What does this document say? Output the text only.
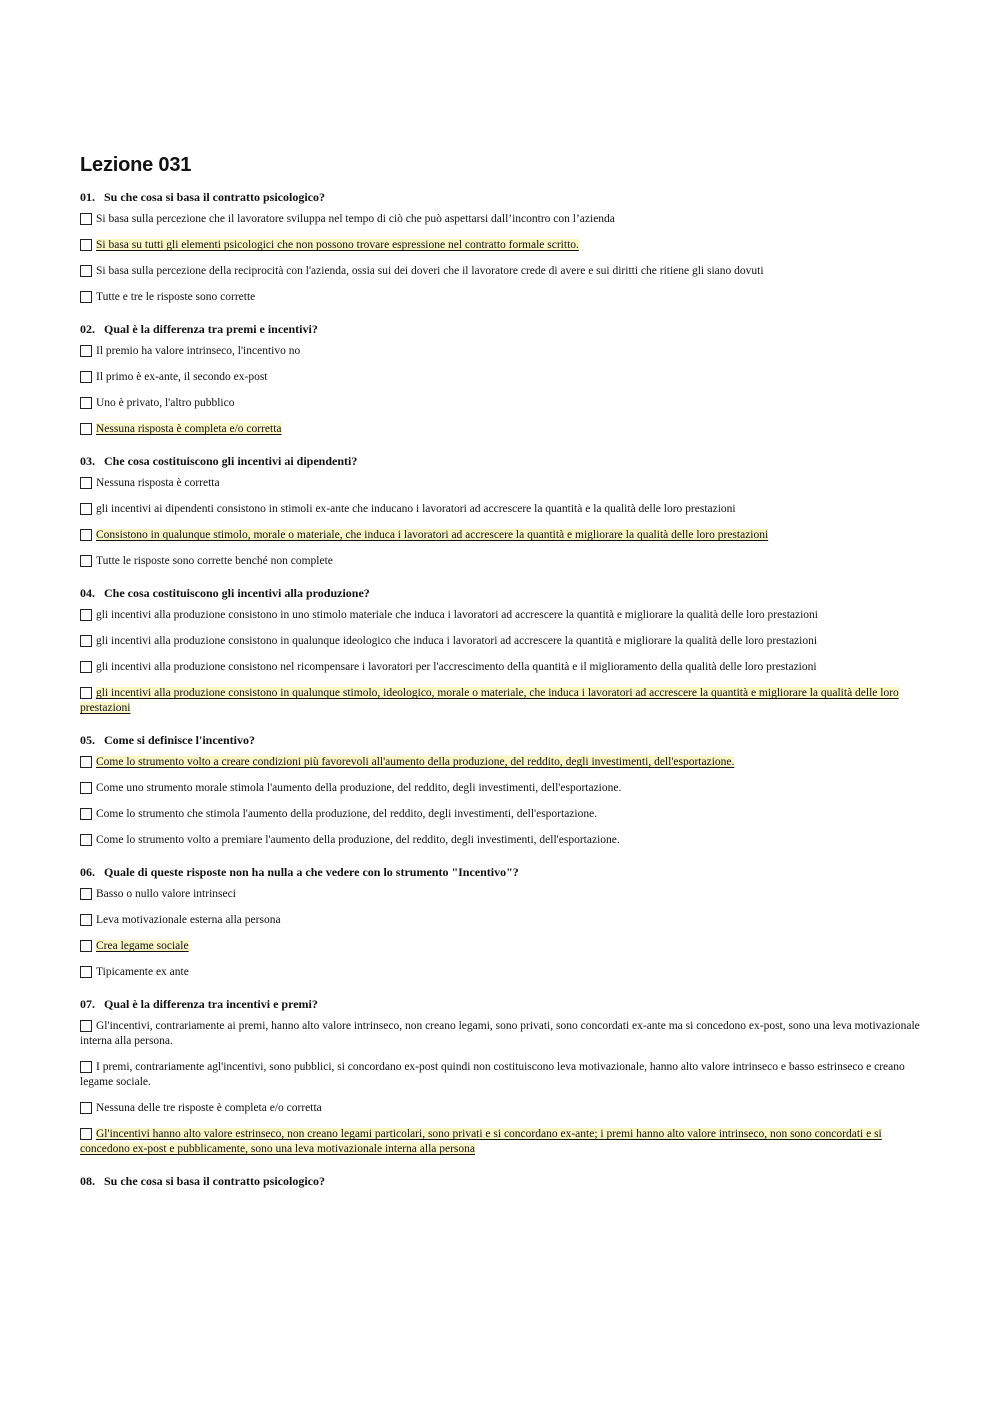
Lezione 031
01. Su che cosa si basa il contratto psicologico?
Si basa sulla percezione che il lavoratore sviluppa nel tempo di ciò che può aspettarsi dall’incontro con l’azienda
Si basa su tutti gli elementi psicologici che non possono trovare espressione nel contratto formale scritto.
Si basa sulla percezione della reciprocità con l'azienda, ossia sui dei doveri che il lavoratore crede di avere e sui diritti che ritiene gli siano dovuti
Tutte e tre le risposte sono corrette
02. Qual è la differenza tra premi e incentivi?
Il premio ha valore intrinseco, l'incentivo no
Il primo è ex-ante, il secondo ex-post
Uno è privato, l'altro pubblico
Nessuna risposta è completa e/o corretta
03. Che cosa costituiscono gli incentivi ai dipendenti?
Nessuna risposta è corretta
gli incentivi ai dipendenti consistono in stimoli ex-ante che inducano i lavoratori ad accrescere la quantità e la qualità delle loro prestazioni
Consistono in qualunque stimolo, morale o materiale, che induca i lavoratori ad accrescere la quantità e migliorare la qualità delle loro prestazioni
Tutte le risposte sono corrette benché non complete
04. Che cosa costituiscono gli incentivi alla produzione?
gli incentivi alla produzione consistono in uno stimolo materiale che induca i lavoratori ad accrescere la quantità e migliorare la qualità delle loro prestazioni
gli incentivi alla produzione consistono in qualunque ideologico che induca i lavoratori ad accrescere la quantità e migliorare la qualità delle loro prestazioni
gli incentivi alla produzione consistono nel ricompensare i lavoratori per l'accrescimento della quantità e il miglioramento della qualità delle loro prestazioni
gli incentivi alla produzione consistono in qualunque stimolo, ideologico, morale o materiale, che induca i lavoratori ad accrescere la quantità e migliorare la qualità delle loro prestazioni
05. Come si definisce l'incentivo?
Come lo strumento volto a creare condizioni più favorevoli all'aumento della produzione, del reddito, degli investimenti, dell'esportazione.
Come uno strumento morale stimola l'aumento della produzione, del reddito, degli investimenti, dell'esportazione.
Come lo strumento che stimola l'aumento della produzione, del reddito, degli investimenti, dell'esportazione.
Come lo strumento volto a premiare l'aumento della produzione, del reddito, degli investimenti, dell'esportazione.
06. Quale di queste risposte non ha nulla a che vedere con lo strumento "Incentivo"?
Basso o nullo valore intrinseci
Leva motivazionale esterna alla persona
Crea legame sociale
Tipicamente ex ante
07. Qual è la differenza tra incentivi e premi?
Gl'incentivi, contrariamente ai premi, hanno alto valore intrinseco, non creano legami, sono privati, sono concordati ex-ante ma si concedono ex-post, sono una leva motivazionale interna alla persona.
I premi, contrariamente agl'incentivi, sono pubblici, si concordano ex-post quindi non costituiscono leva motivazionale, hanno alto valore intrinseco e basso estrinseco e creano legame sociale.
Nessuna delle tre risposte è completa e/o corretta
Gl'incentivi hanno alto valore estrinseco, non creano legami particolari, sono privati e si concordano ex-ante; i premi hanno alto valore intrinseco, non sono concordati e si concedono ex-post e pubblicamente, sono una leva motivazionale interna alla persona
08. Su che cosa si basa il contratto psicologico?
